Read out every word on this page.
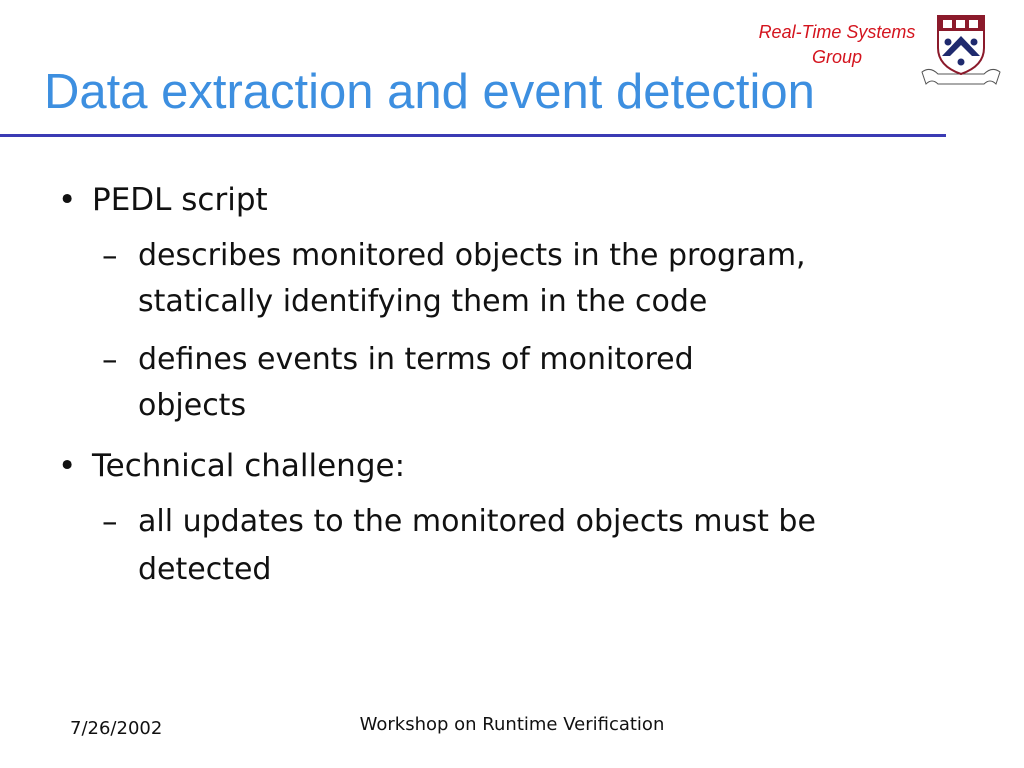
Real-Time Systems
Group
Data extraction and event detection
• PEDL script
– describes monitored objects in the program,
statically identifying them in the code
– defines events in terms of monitored
objects
• Technical challenge:
– all updates to the monitored objects must be
detected
7/26/2002	Workshop on Runtime Verification
